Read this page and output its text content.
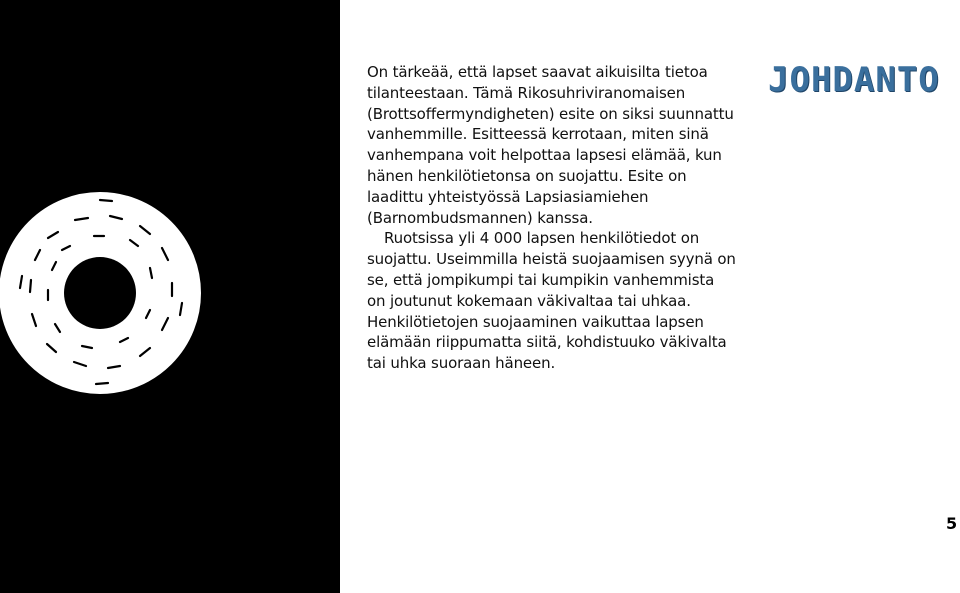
On tärkeää, että lapset saavat aikuisilta tietoa tilanteestaan. Tämä Rikosuhriviranomaisen (Brottsoffermyndigheten) esite on siksi suunnattu vanhemmille. Esitteessä kerrotaan, miten sinä vanhempana voit helpottaa lapsesi elämää, kun hänen henkilötietonsa on suojattu. Esite on laadittu yhteistyössä Lapsiasiamiehen (Barnombudsmannen) kanssa.

Ruotsissa yli 4 000 lapsen henkilötiedot on suojattu. Useimmilla heistä suojaamisen syynä on se, että jompikumpi tai kumpikin vanhemmista on joutunut kokemaan väkivaltaa tai uhkaa. Henkilötietojen suojaaminen vaikuttaa lapsen elämään riippumatta siitä, kohdistuuko väkivalta tai uhka suoraan häneen.

JOHDANTO
5
